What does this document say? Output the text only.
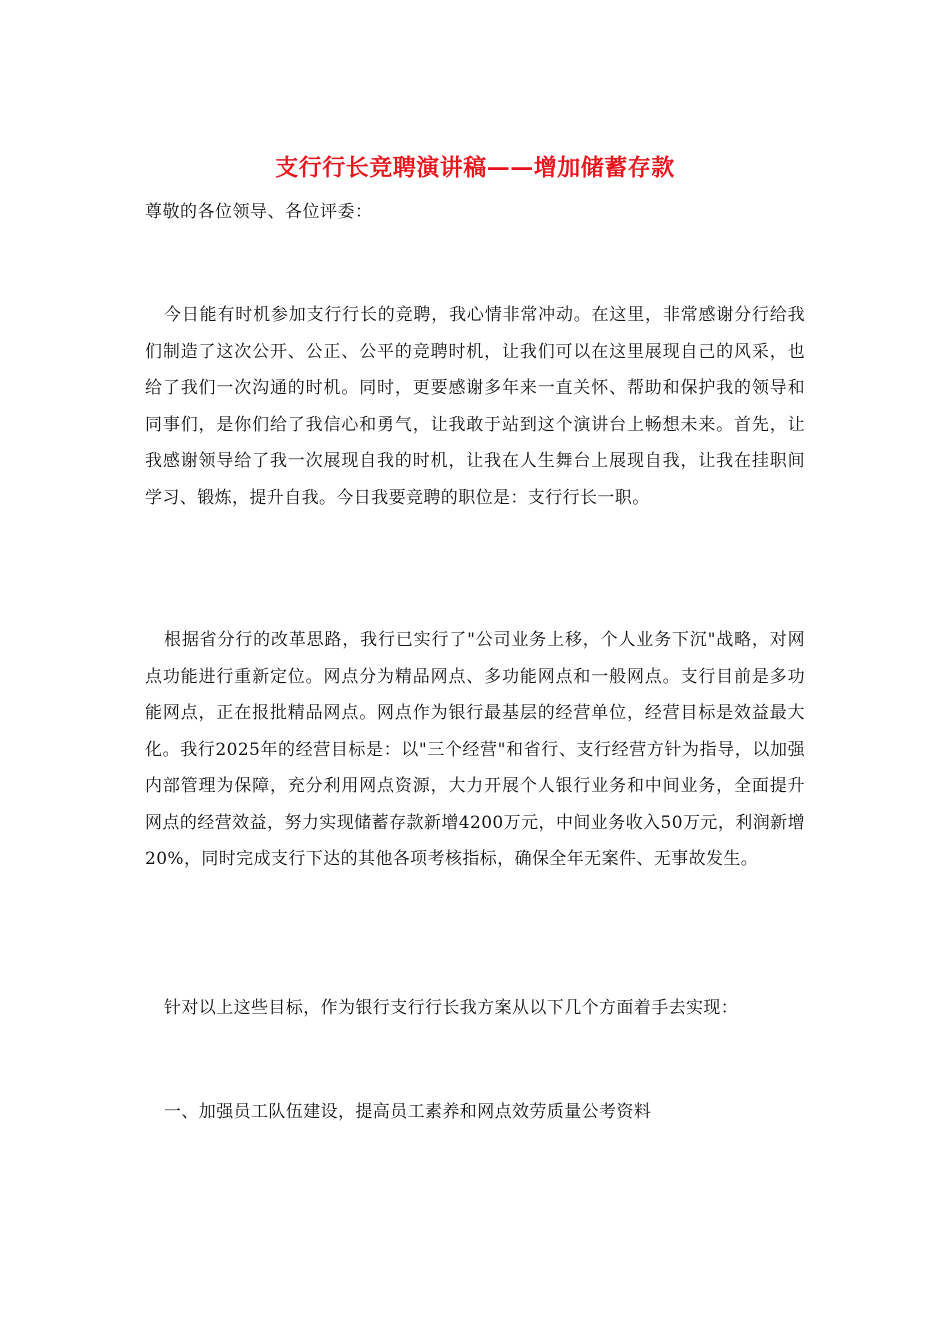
支行行长竞聘演讲稿——增加储蓄存款
尊敬的各位领导、各位评委：

今日能有时机参加支行行长的竞聘，我心情非常冲动。在这里，非常感谢分行给我们制造了这次公开、公正、公平的竞聘时机，让我们可以在这里展现自己的风采，也给了我们一次沟通的时机。同时，更要感谢多年来一直关怀、帮助和保护我的领导和同事们，是你们给了我信心和勇气，让我敢于站到这个演讲台上畅想未来。首先，让我感谢领导给了我一次展现自我的时机，让我在人生舞台上展现自我，让我在挂职间学习、锻炼，提升自我。今日我要竞聘的职位是：支行行长一职。

根据省分行的改革思路，我行已实行了"公司业务上移，个人业务下沉"战略，对网点功能进行重新定位。网点分为精品网点、多功能网点和一般网点。支行目前是多功能网点，正在报批精品网点。网点作为银行最基层的经营单位，经营目标是效益最大化。我行2025年的经营目标是：以"三个经营"和省行、支行经营方针为指导，以加强内部管理为保障，充分利用网点资源，大力开展个人银行业务和中间业务，全面提升网点的经营效益，努力实现储蓄存款新增4200万元，中间业务收入50万元，利润新增20%，同时完成支行下达的其他各项考核指标，确保全年无案件、无事故发生。

针对以上这些目标，作为银行支行行长我方案从以下几个方面着手去实现：

一、加强员工队伍建设，提高员工素养和网点效劳质量公考资料
